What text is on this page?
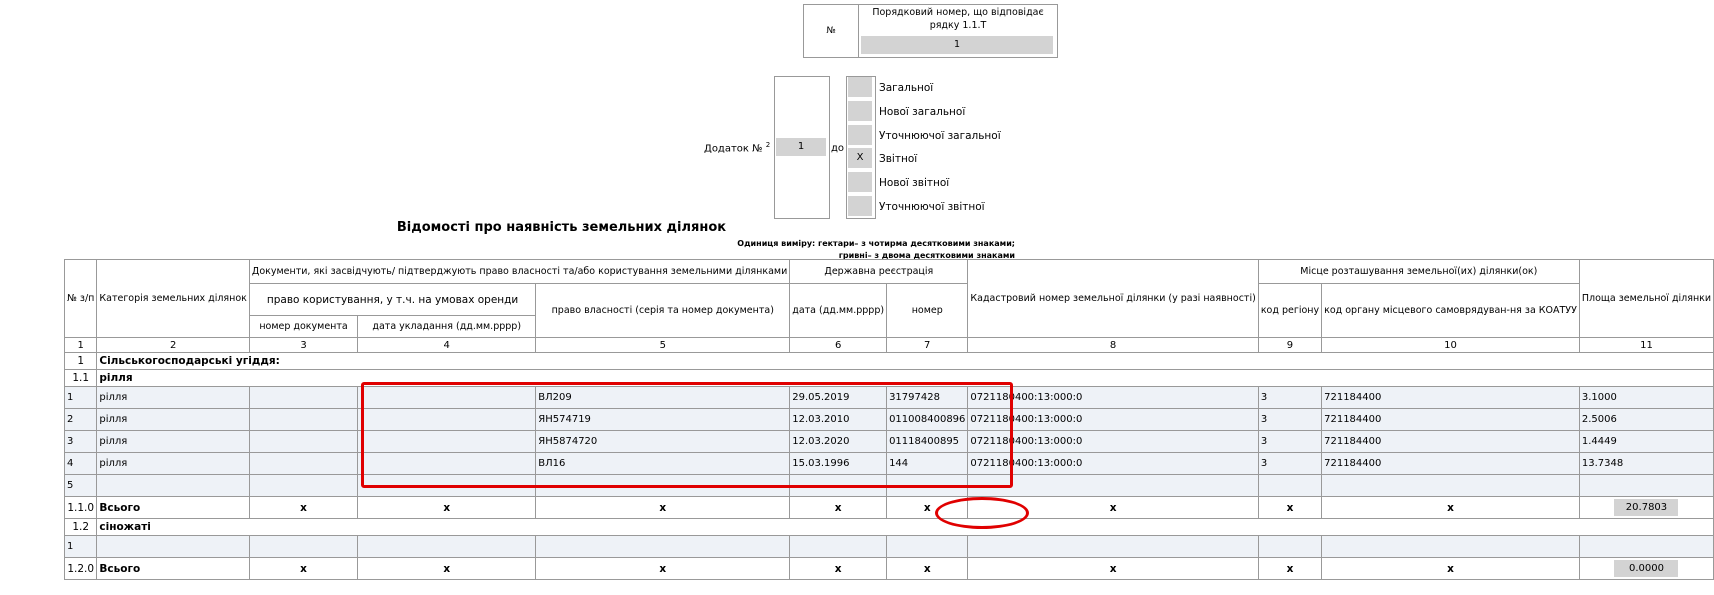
№
Порядковий номер, що відповідає рядку 1.1.Т
1
Додаток № $^2$	1	до
Загальної
Нової загальної
Уточнюючої загальної
X	Звітної
Нової звітної
Уточнюючої звітної
Відомості про наявність земельних ділянок
Одиниця виміру: гектари– з чотирма десятковими знаками;
гривні– з двома десятковими знаками
№ з/п	Категорія земельних ділянок	Документи, які засвідчують/ підтверджують право власності та/або користування земельними ділянками			Державна реєстрація		Кадастровий номер земельної ділянки (у разі наявності)	Місце розташування земельної(их) ділянки(ок)		Площа земельної ділянки
		право користування, у т.ч. на умовах оренди		право власності (серія та номер документа)	дата (дд.мм.рррр)	номер		код регіону	код органу місцевого самоврядуван-ня за КОАТУУ	
		номер документа	дата укладання (дд.мм.рррр)							
1	2	3	4	5	6	7	8	9	10	11
1	Сільськогосподарські угіддя:									
1.1	рілля									
1	рілля			ВЛ209	29.05.2019	31797428	0721180400:13:000:0	3	721184400	3.1000
2	рілля			ЯН574719	12.03.2010	011008400896	0721180400:13:000:0	3	721184400	2.5006
3	рілля			ЯН5874720	12.03.2020	01118400895	0721180400:13:000:0	3	721184400	1.4449
4	рілля			ВЛ16	15.03.1996	144	0721180400:13:000:0	3	721184400	13.7348
5										
1.1.0	Всього	x	x	x	x	x	x	x	x	20.7803
1.2	сіножаті									
1										
1.2.0	Всього	x	x	x	x	x	x	x	x	0.0000
